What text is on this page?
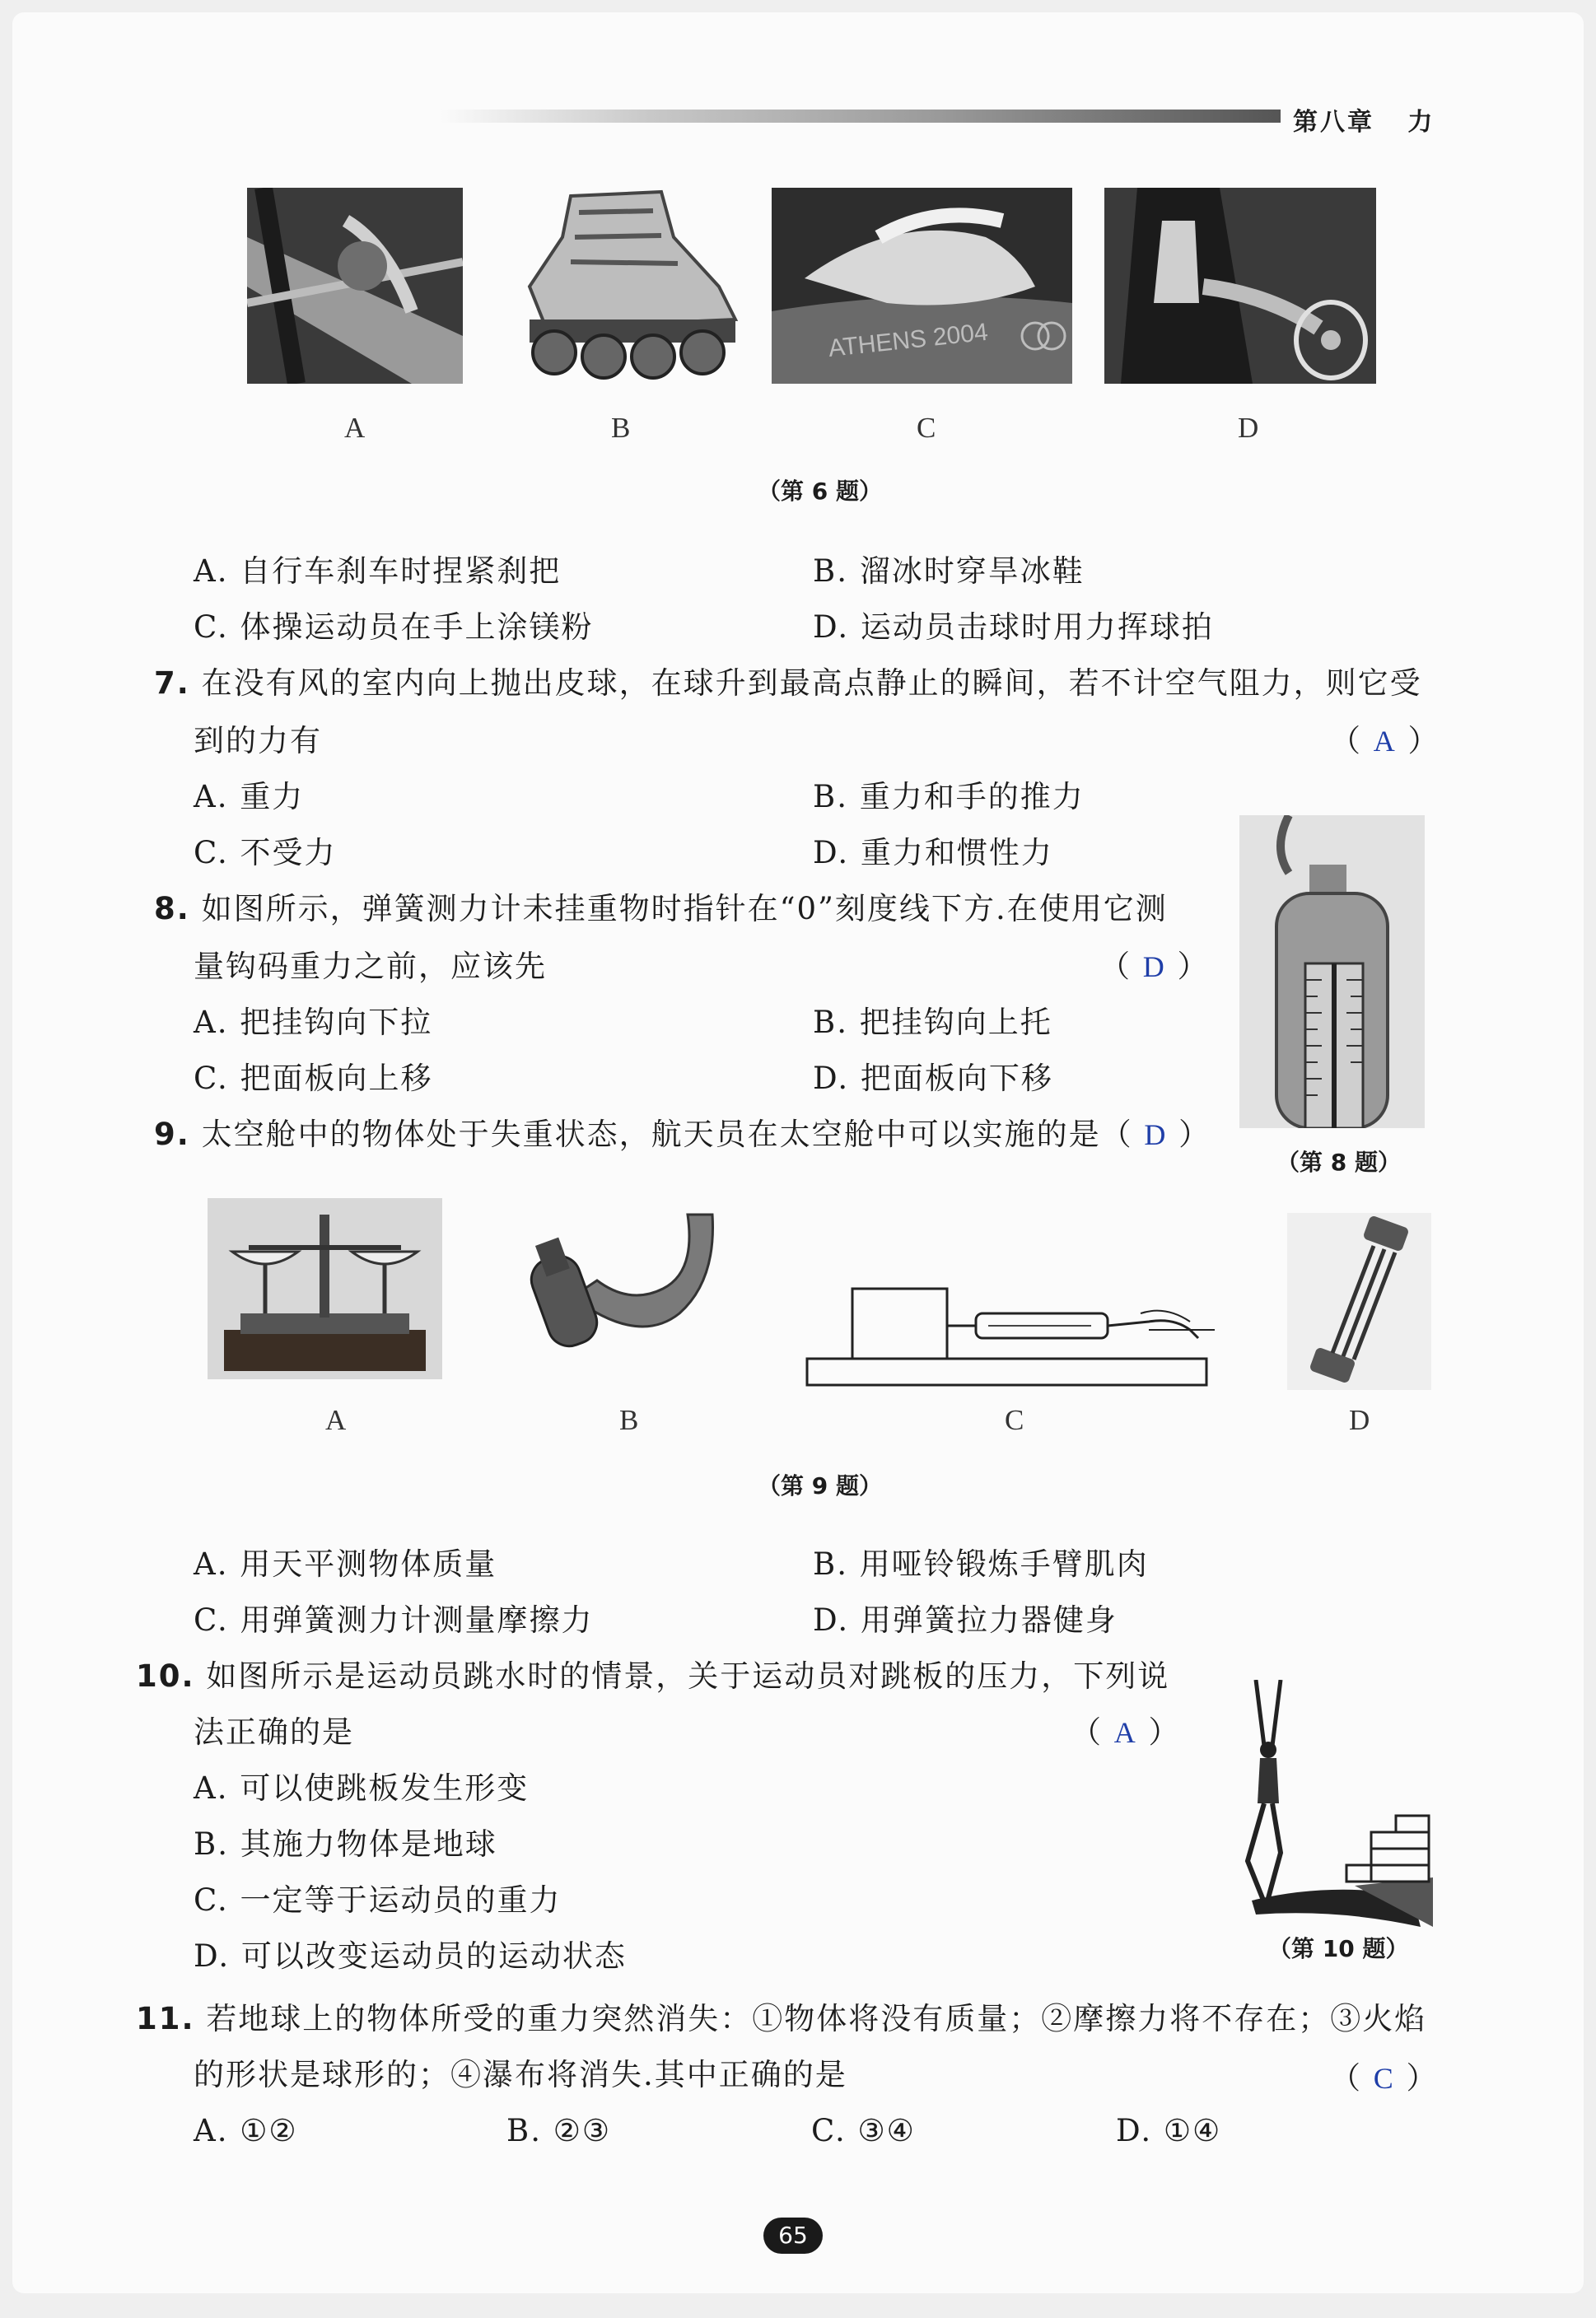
第八章 力
ATHENS 2004
A	B	C	D
（第 6 题）
A. 自行车刹车时捏紧刹把	B. 溜冰时穿旱冰鞋
C. 体操运动员在手上涂镁粉	D. 运动员击球时用力挥球拍
7. 在没有风的室内向上抛出皮球，在球升到最高点静止的瞬间，若不计空气阻力，则它受
到的力有	（ A ）
A. 重力	B. 重力和手的推力
C. 不受力	D. 重力和惯性力
（第 8 题）
8. 如图所示，弹簧测力计未挂重物时指针在“0”刻度线下方.在使用它测
量钩码重力之前，应该先	（ D ）
A. 把挂钩向下拉	B. 把挂钩向上托
C. 把面板向上移	D. 把面板向下移
9. 太空舱中的物体处于失重状态，航天员在太空舱中可以实施的是（ D ）
A	B	C	D
（第 9 题）
A. 用天平测物体质量	B. 用哑铃锻炼手臂肌肉
C. 用弹簧测力计测量摩擦力	D. 用弹簧拉力器健身
10. 如图所示是运动员跳水时的情景，关于运动员对跳板的压力，下列说
法正确的是	（ A ）
A. 可以使跳板发生形变
B. 其施力物体是地球
C. 一定等于运动员的重力
D. 可以改变运动员的运动状态	（第 10 题）
11. 若地球上的物体所受的重力突然消失：①物体将没有质量；②摩擦力将不存在；③火焰
的形状是球形的；④瀑布将消失.其中正确的是	（ C ）
A. ①②	B. ②③	C. ③④	D. ①④
65
